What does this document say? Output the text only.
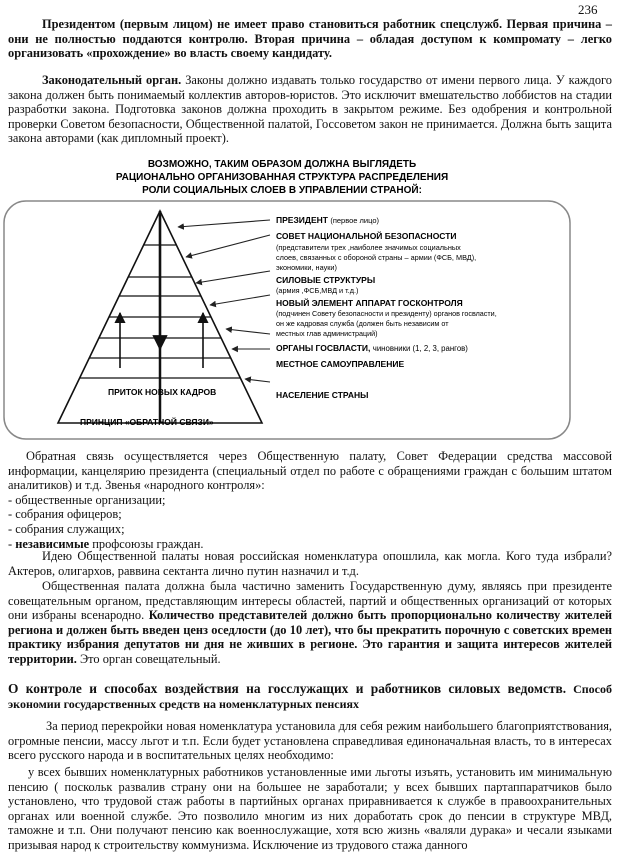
236
Президентом (первым лицом) не имеет право становиться работник спецслужб. Первая причина – они не полностью поддаются контролю. Вторая причина – обладая доступом к компромату – легко организовать «прохождение» во власть своему кандидату.
Законодательный орган. Законы должно издавать только государство от имени первого лица. У каждого закона должен быть понимаемый коллектив авторов-юристов. Это исключит вмешательство лоббистов на стадии разработки закона. Подготовка законов должна проходить в закрытом режиме. Без одобрения и контрольной проверки Советом безопасности, Общественной палатой, Госсоветом закон не принимается. Должна быть защита закона авторами (как дипломный проект).
ВОЗМОЖНО, ТАКИМ ОБРАЗОМ ДОЛЖНА ВЫГЛЯДЕТЬ
РАЦИОНАЛЬНО ОРГАНИЗОВАННАЯ СТРУКТУРА РАСПРЕДЕЛЕНИЯ
РОЛИ СОЦИАЛЬНЫХ СЛОЕВ В УПРАВЛЕНИИ СТРАНОЙ:
ПРЕЗИДЕНТ (первое лицо)
СОВЕТ НАЦИОНАЛЬНОЙ БЕЗОПАСНОСТИ
(представители трех ,наиболее значимых социальных
слоев, связанных с обороной страны – армии (ФСБ, МВД),
экономики, науки)
СИЛОВЫЕ СТРУКТУРЫ
(армия ,ФСБ,МВД и т.д.)
НОВЫЙ ЭЛЕМЕНТ АППАРАТ ГОСКОНТРОЛЯ
(подчинен Совету безопасности и президенту) органов госвласти,
он же кадровая служба (должен быть независим от
местных глав администраций)
ОРГАНЫ ГОСВЛАСТИ, чиновники (1, 2, 3, рангов)
МЕСТНОЕ САМОУПРАВЛЕНИЕ
НАСЕЛЕНИЕ СТРАНЫ
ПРИТОК НОВЫХ КАДРОВ
ПРИНЦИП «ОБРАТНОЙ СВЯЗИ»
Обратная связь осуществляется через Общественную палату, Совет Федерации средства массовой информации, канцелярию президента (специальный отдел по работе с обращениями граждан с большим штатом аналитиков) и т.д. Звенья «народного контроля»:
- общественные организации;
- собрания офицеров;
- собрания служащих;
- независимые профсоюзы граждан.
Идею Общественной палаты новая российская номенклатура опошлила, как могла. Кого туда избрали? Актеров, олигархов, раввина сектанта лично путин назначил и т.д.
Общественная палата должна была частично заменить Государственную думу, являясь при президенте совещательным органом, представляющим интересы областей, партий и общественных организаций от которых они избраны всенародно. Количество представителей должно быть пропорционально количеству жителей региона и должен быть введен ценз оседлости (до 10 лет), что бы прекратить порочную с советских времен практику избрания депутатов ни дня не живших в регионе. Это гарантия и защита интересов жителей территории. Это орган совещательный.
О контроле и способах воздействия на госслужащих и работников силовых ведомств. Способ экономии государственных средств на номенклатурных пенсиях
За период перекройки новая номенклатура установила для себя режим наибольшего благоприятствования, огромные пенсии, массу льгот и т.п. Если будет установлена справедливая единоначальная власть, то в интересах всего русского народа и в воспитательных целях необходимо:
у всех бывших номенклатурных работников установленные ими льготы изъять, установить им минимальную пенсию ( поскольк развалив страну они на большее не заработали; у всех бывших партаппаратчиков было установлено, что трудовой стаж работы в партийных органах приравнивается к службе в правоохранительных органах или военной службе. Это позволило многим из них доработать срок до пенсии в структуре МВД, таможне и т.п. Они получают пенсию как военнослужащие, хотя всю жизнь «валяли дурака» и чесали языками призывая народ к строительству коммунизма. Исключение из трудового стажа данного
